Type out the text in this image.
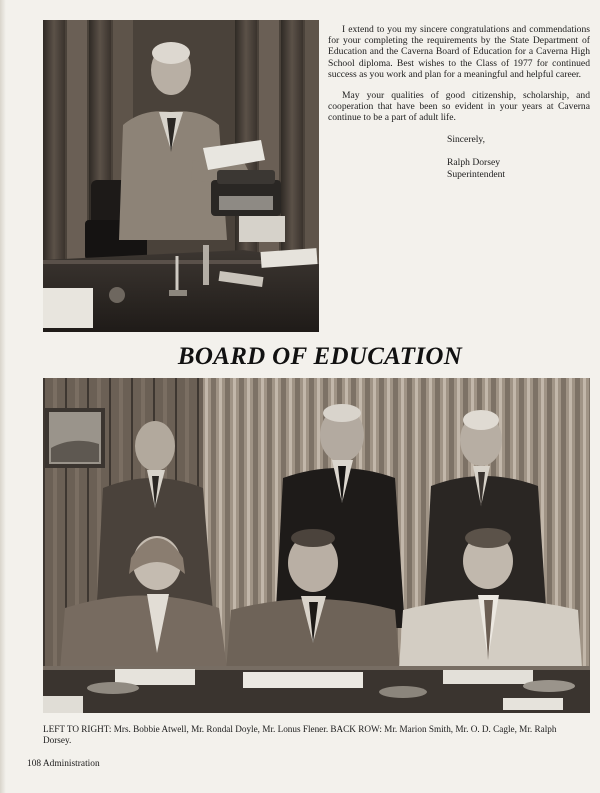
I extend to you my sincere congratulations and commendations for your completing the requirements by the State Department of Education and the Caverna Board of Education for a Caverna High School diploma. Best wishes to the Class of 1977 for continued success as you work and plan for a meaningful and helpful career.

May your qualities of good citizenship, scholarship, and cooperation that have been so evident in your years at Caverna continue to be a part of adult life.

Sincerely,
Ralph Dorsey
Superintendent
BOARD OF EDUCATION
LEFT TO RIGHT: Mrs. Bobbie Atwell, Mr. Rondal Doyle, Mr. Lonus Flener. BACK ROW: Mr. Marion Smith, Mr. O. D. Cagle, Mr. Ralph Dorsey.
108 Administration
